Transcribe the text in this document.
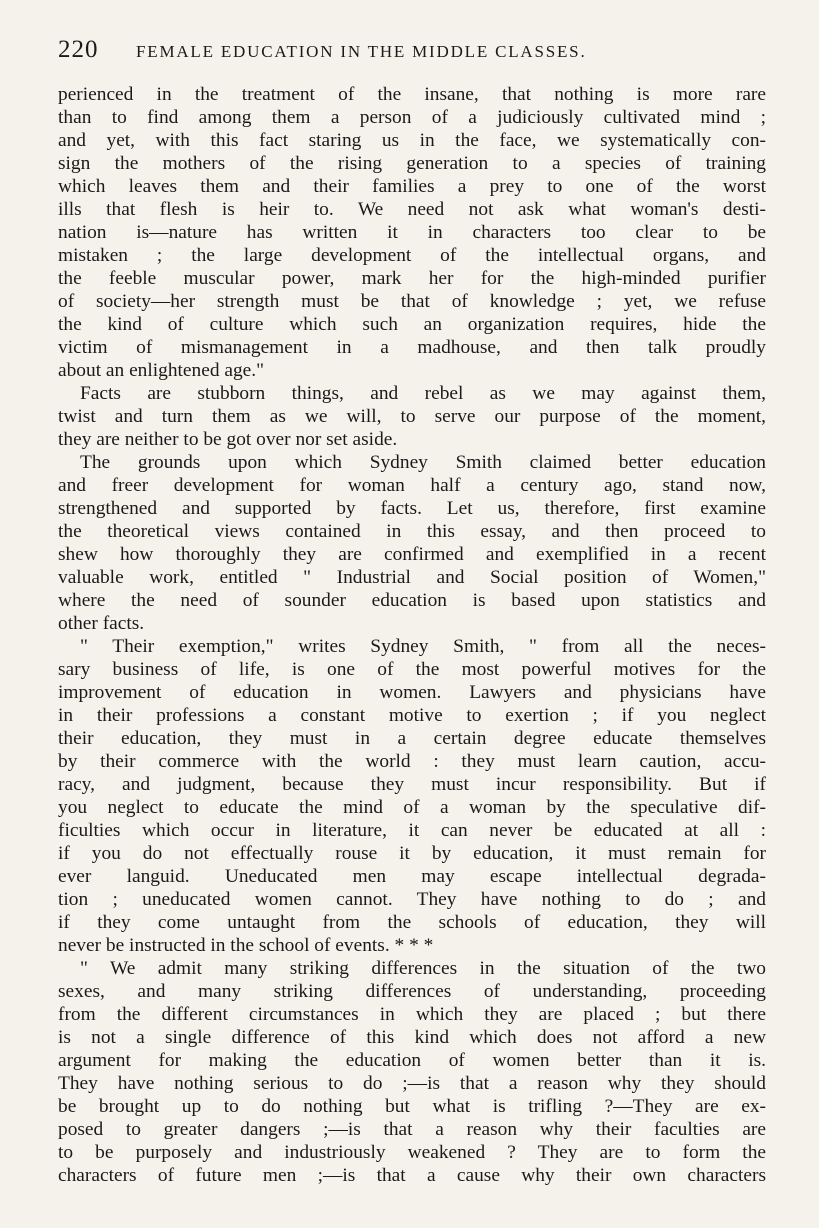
220	FEMALE EDUCATION IN THE MIDDLE CLASSES.
perienced in the treatment of the insane, that nothing is more rare
than to find among them a person of a judiciously cultivated mind ;
and yet, with this fact staring us in the face, we systematically con-
sign the mothers of the rising generation to a species of training
which leaves them and their families a prey to one of the worst
ills that flesh is heir to. We need not ask what woman's desti-
nation is—nature has written it in characters too clear to be
mistaken ; the large development of the intellectual organs, and
the feeble muscular power, mark her for the high-minded purifier
of society—her strength must be that of knowledge ; yet, we refuse
the kind of culture which such an organization requires, hide the
victim of mismanagement in a madhouse, and then talk proudly
about an enlightened age."
Facts are stubborn things, and rebel as we may against them,
twist and turn them as we will, to serve our purpose of the moment,
they are neither to be got over nor set aside.
The grounds upon which Sydney Smith claimed better education
and freer development for woman half a century ago, stand now,
strengthened and supported by facts. Let us, therefore, first examine
the theoretical views contained in this essay, and then proceed to
shew how thoroughly they are confirmed and exemplified in a recent
valuable work, entitled " Industrial and Social position of Women,"
where the need of sounder education is based upon statistics and
other facts.
" Their exemption," writes Sydney Smith, " from all the neces-
sary business of life, is one of the most powerful motives for the
improvement of education in women. Lawyers and physicians have
in their professions a constant motive to exertion ; if you neglect
their education, they must in a certain degree educate themselves
by their commerce with the world : they must learn caution, accu-
racy, and judgment, because they must incur responsibility. But if
you neglect to educate the mind of a woman by the speculative dif-
ficulties which occur in literature, it can never be educated at all :
if you do not effectually rouse it by education, it must remain for
ever languid. Uneducated men may escape intellectual degrada-
tion ; uneducated women cannot. They have nothing to do ; and
if they come untaught from the schools of education, they will
never be instructed in the school of events. * * *
" We admit many striking differences in the situation of the two
sexes, and many striking differences of understanding, proceeding
from the different circumstances in which they are placed ; but there
is not a single difference of this kind which does not afford a new
argument for making the education of women better than it is.
They have nothing serious to do ;—is that a reason why they should
be brought up to do nothing but what is trifling ?—They are ex-
posed to greater dangers ;—is that a reason why their faculties are
to be purposely and industriously weakened ? They are to form the
characters of future men ;—is that a cause why their own characters
